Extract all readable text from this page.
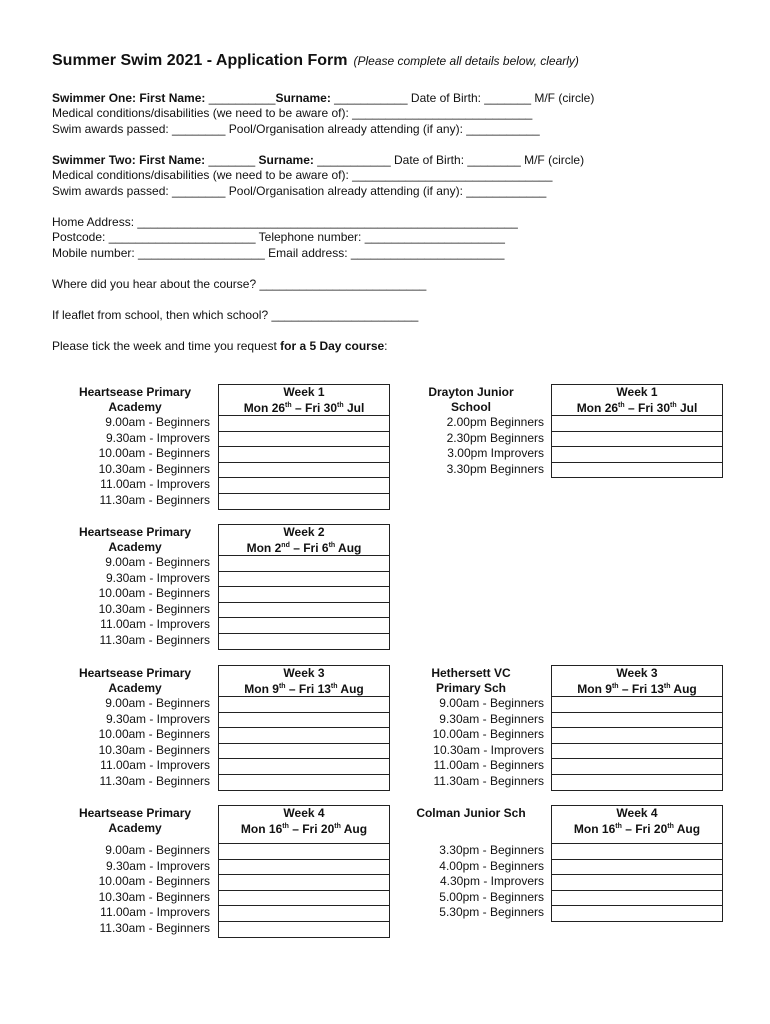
Summer Swim 2021 - Application Form (Please complete all details below, clearly)
Swimmer One: First Name: __________Surname: ___________ Date of Birth: _______ M/F (circle)
Medical conditions/disabilities (we need to be aware of): ___________________________
Swim awards passed: ________ Pool/Organisation already attending (if any): ___________
Swimmer Two: First Name: _______ Surname: ___________ Date of Birth: ________ M/F (circle)
Medical conditions/disabilities (we need to be aware of): ______________________________
Swim awards passed: ________ Pool/Organisation already attending (if any): ____________
Home Address: _________________________________________________________
Postcode: ______________________ Telephone number: _____________________
Mobile number: ___________________ Email address: _______________________
Where did you hear about the course? _________________________
If leaflet from school, then which school? ______________________
Please tick the week and time you request for a 5 Day course:
Heartsease Primary
Academy
9.00am - Beginners
9.30am - Improvers
10.00am - Beginners
10.30am - Beginners
11.00am - Improvers
11.30am - Beginners
Week 1
Mon 26th – Fri 30th Jul

Drayton Junior
School
2.00pm Beginners
2.30pm Beginners
3.00pm Improvers
3.30pm Beginners
Week 1
Mon 26th – Fri 30th Jul

Heartsease Primary
Academy
9.00am - Beginners
9.30am - Improvers
10.00am - Beginners
10.30am - Beginners
11.00am - Improvers
11.30am - Beginners
Week 2
Mon 2nd – Fri 6th Aug

Heartsease Primary
Academy
9.00am - Beginners
9.30am - Improvers
10.00am - Beginners
10.30am - Beginners
11.00am - Improvers
11.30am - Beginners
Week 3
Mon 9th – Fri 13th Aug

Hethersett VC
Primary Sch
9.00am - Beginners
9.30am - Beginners
10.00am - Beginners
10.30am - Improvers
11.00am - Beginners
11.30am - Beginners
Week 3
Mon 9th – Fri 13th Aug

Heartsease Primary
Academy
9.00am - Beginners
9.30am - Improvers
10.00am - Beginners
10.30am - Beginners
11.00am - Improvers
11.30am - Beginners
Week 4
Mon 16th – Fri 20th Aug

Colman Junior Sch
3.30pm - Beginners
4.00pm - Beginners
4.30pm - Improvers
5.00pm - Beginners
5.30pm - Beginners
Week 4
Mon 16th – Fri 20th Aug
